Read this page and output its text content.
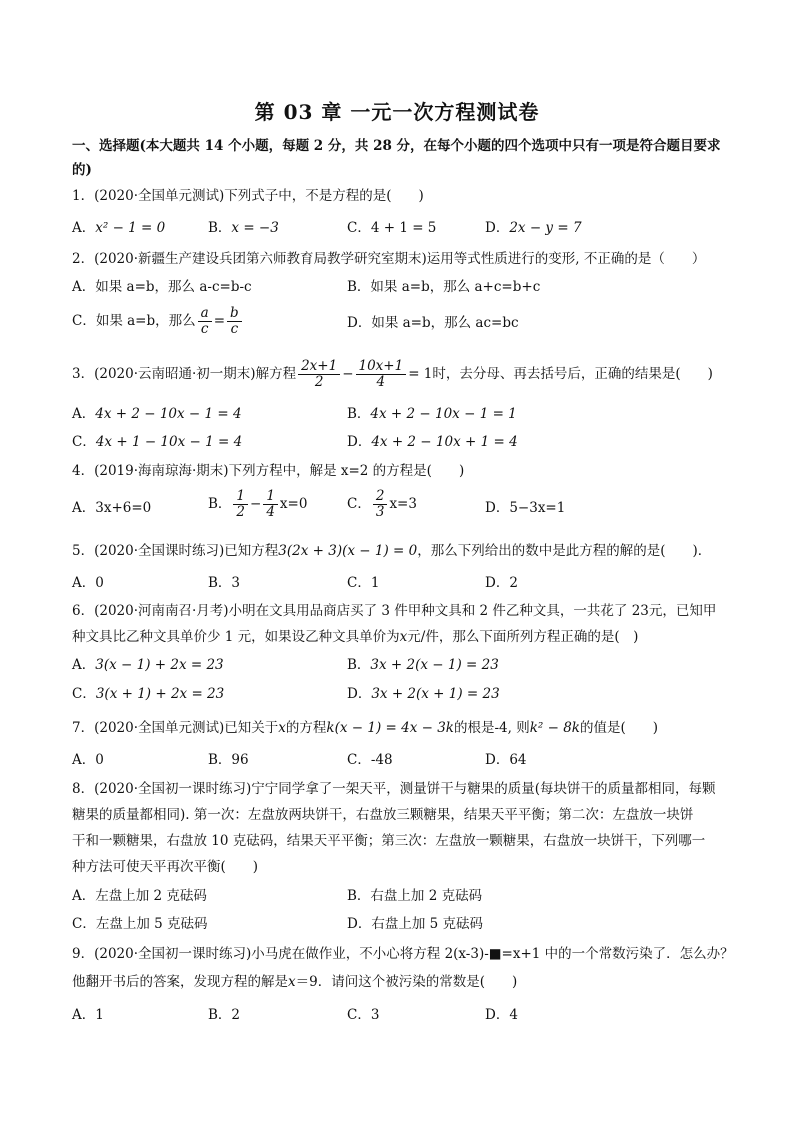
第 03 章 一元一次方程测试卷
一、选择题(本大题共 14 个小题，每题 2 分，共 28 分，在每个小题的四个选项中只有一项是符合题目要求
的)
1．(2020·全国单元测试)下列式子中，不是方程的是(　　)
A．x² − 1 = 0	B．x = −3	C．4 + 1 = 5	D．2x − y = 7
2．(2020·新疆生产建设兵团第六师教育局教学研究室期末)运用等式性质进行的变形, 不正确的是（　　）
A．如果 a=b，那么 a-c=b-c	B．如果 a=b，那么 a+c=b+c
C．如果 a=b，那么 $\frac{a}{c} = \frac{b}{c}$	D．如果 a=b，那么 ac=bc
3．(2020·云南昭通·初一期末)解方程 $\frac{2x+1}{2} - \frac{10x+1}{4} = 1$时，去分母、再去括号后，正确的结果是(　　)
A．4x + 2 − 10x − 1 = 4	B．4x + 2 − 10x − 1 = 1
C．4x + 1 − 10x − 1 = 4	D．4x + 2 − 10x + 1 = 4
4．(2019·海南琼海·期末)下列方程中，解是 x=2 的方程是(　　)
A．3x+6=0	B． $\frac{1}{2} - \frac{1}{4} x=0$	C． $\frac{2}{3} x=3$	D．5−3x=1
5．(2020·全国课时练习)已知方程3(2x + 3)(x − 1) = 0，那么下列给出的数中是此方程的解的是(　　)．
A．0	B．3	C．1	D．2
6．(2020·河南南召·月考)小明在文具用品商店买了 3 件甲种文具和 2 件乙种文具，一共花了 23元，已知甲
种文具比乙种文具单价少 1 元，如果设乙种文具单价为x元/件，那么下面所列方程正确的是(　)
A．3(x − 1) + 2x = 23	B．3x + 2(x − 1) = 23
C．3(x + 1) + 2x = 23	D．3x + 2(x + 1) = 23
7．(2020·全国单元测试)已知关于x的方程k(x − 1) = 4x − 3k的根是-4, 则k² − 8k的值是(　　)
A．0	B．96	C．-48	D．64
8．(2020·全国初一课时练习)宁宁同学拿了一架天平，测量饼干与糖果的质量(每块饼干的质量都相同，每颗
糖果的质量都相同). 第一次：左盘放两块饼干，右盘放三颗糖果，结果天平平衡；第二次：左盘放一块饼
干和一颗糖果，右盘放 10 克砝码，结果天平平衡；第三次：左盘放一颗糖果，右盘放一块饼干，下列哪一
种方法可使天平再次平衡(　　)
A．左盘上加 2 克砝码	B．右盘上加 2 克砝码
C．左盘上加 5 克砝码	D．右盘上加 5 克砝码
9．(2020·全国初一课时练习)小马虎在做作业，不小心将方程 2(x-3)-■=x+1 中的一个常数污染了．怎么办？
他翻开书后的答案，发现方程的解是x＝9．请问这个被污染的常数是(　　)
A．1	B．2	C．3	D．4
